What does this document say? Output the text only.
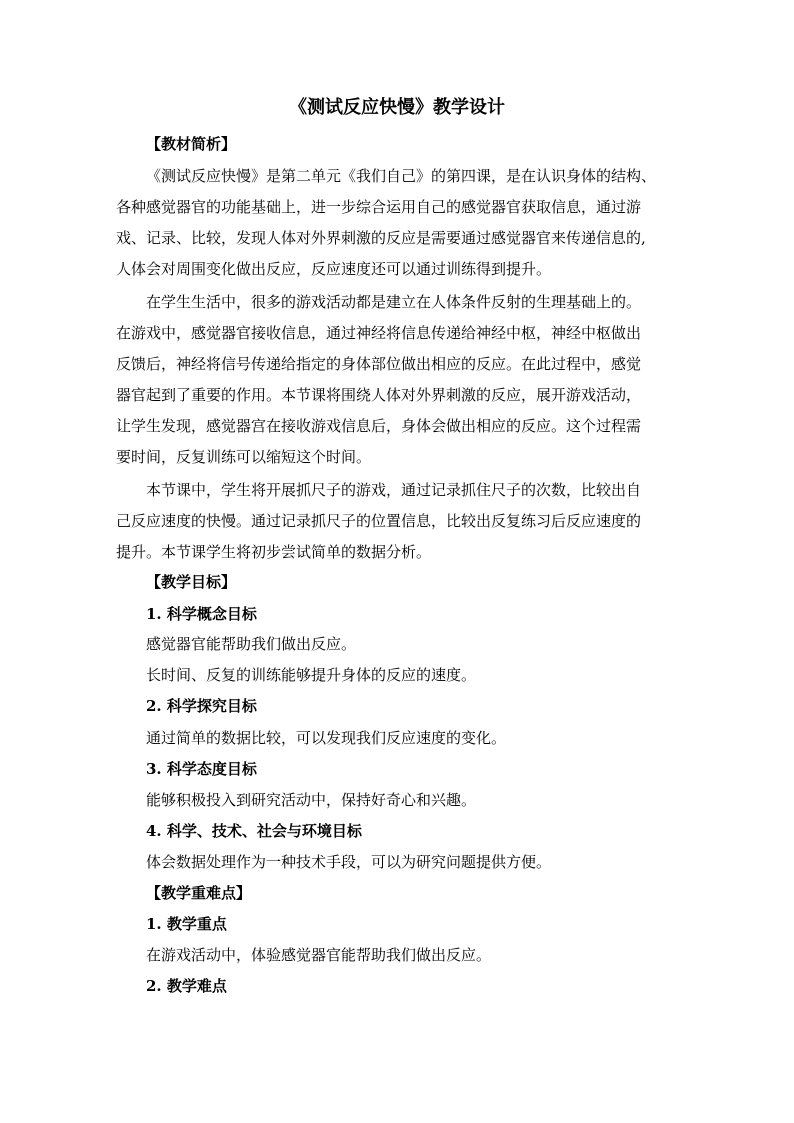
《测试反应快慢》教学设计
【教材简析】
《测试反应快慢》是第二单元《我们自己》的第四课，是在认识身体的结构、
各种感觉器官的功能基础上，进一步综合运用自己的感觉器官获取信息，通过游
戏、记录、比较，发现人体对外界刺激的反应是需要通过感觉器官来传递信息的,
人体会对周围变化做出反应，反应速度还可以通过训练得到提升。
在学生生活中，很多的游戏活动都是建立在人体条件反射的生理基础上的。
在游戏中，感觉器官接收信息，通过神经将信息传递给神经中枢，神经中枢做出
反馈后，神经将信号传递给指定的身体部位做出相应的反应。在此过程中，感觉
器官起到了重要的作用。本节课将围绕人体对外界刺激的反应，展开游戏活动，
让学生发现，感觉器宫在接收游戏信息后，身体会做出相应的反应。这个过程需
要时间，反复训练可以缩短这个时间。
本节课中，学生将开展抓尺子的游戏，通过记录抓住尺子的次数，比较出自
己反应速度的快慢。通过记录抓尺子的位置信息，比较出反复练习后反应速度的
提升。本节课学生将初步尝试简单的数据分析。
【教学目标】
1. 科学概念目标
感觉器官能帮助我们做出反应。
长时间、反复的训练能够提升身体的反应的速度。
2. 科学探究目标
通过简单的数据比较，可以发现我们反应速度的变化。
3. 科学态度目标
能够积极投入到研究活动中，保持好奇心和兴趣。
4. 科学、技术、社会与环境目标
体会数据处理作为一种技术手段，可以为研究问题提供方便。
【教学重难点】
1. 教学重点
在游戏活动中，体验感觉器官能帮助我们做出反应。
2. 教学难点
